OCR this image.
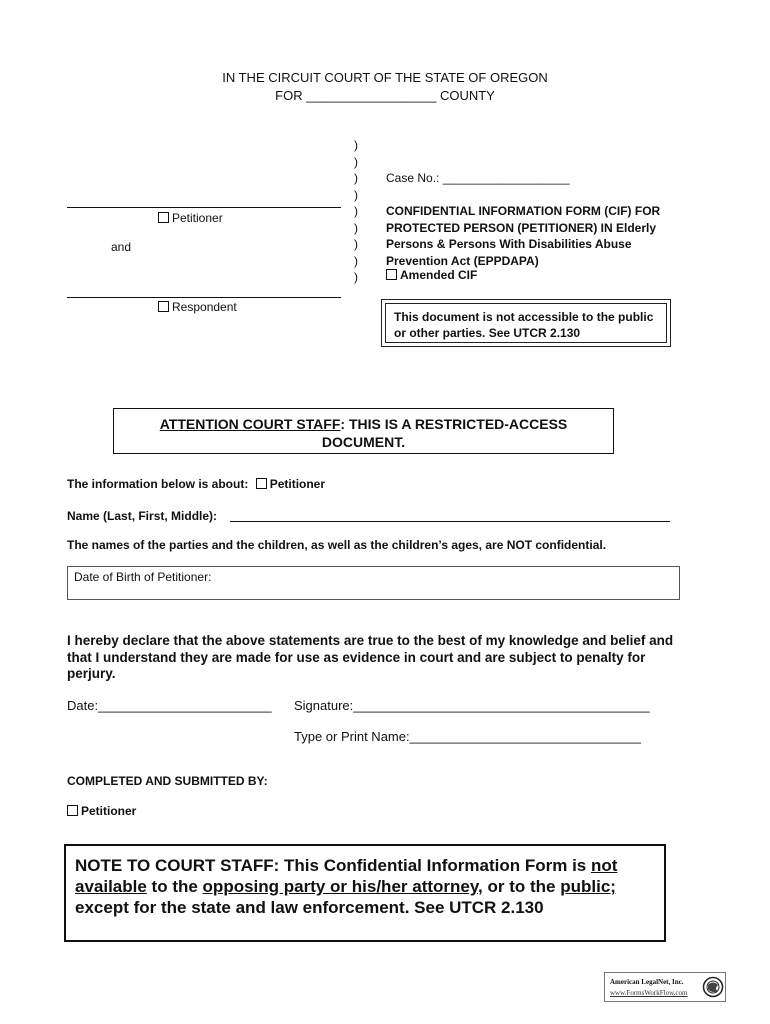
IN THE CIRCUIT COURT OF THE STATE OF OREGON
FOR __________________ COUNTY
Petitioner
and
Respondent
)
)
)
)
)
)
)
)
)
Case No.: ___________________
CONFIDENTIAL INFORMATION FORM (CIF) FOR PROTECTED PERSON (PETITIONER) IN Elderly Persons & Persons With Disabilities Abuse Prevention Act (EPPDAPA)
Amended CIF
This document is not accessible to the public or other parties. See UTCR 2.130
ATTENTION COURT STAFF: THIS IS A RESTRICTED-ACCESS DOCUMENT.
The information below is about: Petitioner
Name (Last, First, Middle):
The names of the parties and the children, as well as the children’s ages, are NOT confidential.
Date of Birth of Petitioner:
I hereby declare that the above statements are true to the best of my knowledge and belief and that I understand they are made for use as evidence in court and are subject to penalty for perjury.
Date:________________________ Signature:_________________________________________
Type or Print Name:________________________________
COMPLETED AND SUBMITTED BY:
Petitioner
NOTE TO COURT STAFF: This Confidential Information Form is not available to the opposing party or his/her attorney, or to the public; except for the state and law enforcement. See UTCR 2.130
American LegalNet, Inc.
www.FormsWorkFlow.com
